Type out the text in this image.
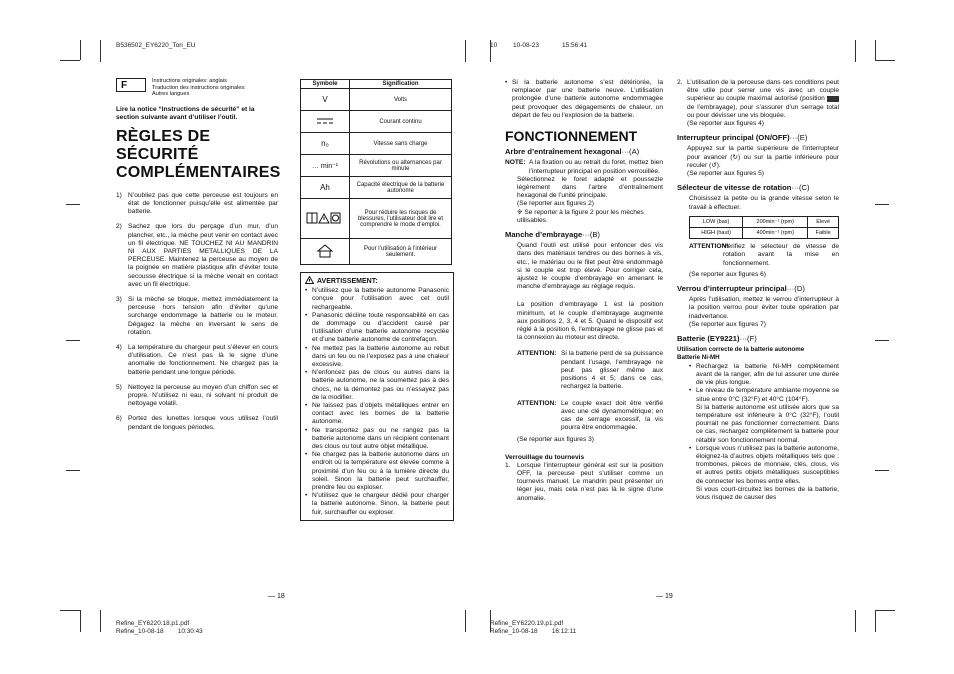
B536502_EY6220_Tori_EU	10 10-08-23	15:56:41
F	Instructions originales: anglais
Traduction des instructions originales:
Autres langues
Lire la notice “Instructions de sécurité” et la section suivante avant d’utiliser l’outil.
RÈGLES DE SÉCURITÉ
COMPLÉMENTAIRES
1) N’oubliez pas que cette perceuse est toujours en état de fonctionner puisqu’elle est alimentée par batterie.
2) Sachez que lors du perçage d’un mur, d’un plancher, etc., la mèche peut venir en contact avec un fil électrique. NE TOUCHEZ NI AU MANDRIN NI AUX PARTIES METALLIQUES DE LA PERCEUSE. Maintenez la perceuse au moyen de la poignée en matière plastique afin d’éviter toute secousse électrique si la mèche venait en contact avec un fil électrique.
3) Si la mèche se bloque, mettez immédiatement la perceuse hors tension afin d’éviter qu’une surcharge endommage la batterie ou le moteur. Dégagez la mèche en inversant le sens de rotation.
4) La température du chargeur peut s’élever en cours d’utilisation. Ce n’est pas là le signe d’une anomalie de fonctionnement. Ne chargez pas la batterie pendant une longue période.
5) Nettoyez la perceuse au moyen d’un chiffon sec et propre. N’utilisez ni eau, ni solvant ni produit de nettoyage volatil.
6) Portez des lunettes lorsque vous utilisez l’outil pendant de longues périodes.
Symbole	Signification
V	Volts
	Courant continu
n₀	Vitesse sans charge
… min⁻¹	Révolutions ou alternances par minute
Ah	Capacité électrique de la batterie autonome
	Pour réduire les risques de blessures, l’utilisateur doit lire et comprendre le mode d’emploi.
	Pour l’utilisation à l’intérieur seulement.
AVERTISSEMENT:
• N’utilisez que la batterie autonome Panasonic conçue pour l’utilisation avec cet outil rechargeable.
• Panasonic décline toute responsabilité en cas de dommage ou d’accident causé par l’utilisation d’une batterie autonome recyclée et d’une batterie autonome de contrefaçon.
• Ne mettez pas la batterie autonome au rebut dans un feu ou ne l’exposez pas à une chaleur excessive.
• N’enfoncez pas de clous ou autres dans la batterie autonome, ne la soumettez pas à des chocs, ne la démontez pas ou n’essayez pas de la modifier.
• Ne laissez pas d’objets métalliques entrer en contact avec les bornes de la batterie autonome.
• Ne transportez pas ou ne rangez pas la batterie autonome dans un récipient contenant des clous ou tout autre objet métallique.
• Ne chargez pas la batterie autonome dans un endroit où la température est élevée comme à proximité d’un feu ou à la lumière directe du soleil. Sinon la batterie peut surchauffer, prendre feu ou exploser.
• N’utilisez que le chargeur dédié pour charger la batterie autonome. Sinon, la batterie peut fuir, surchauffer ou exploser.
— 18
• Si la batterie autonome s’est détériorée, la remplacer par une batterie neuve. L’utilisation prolongée d’une batterie autonome endommagée peut provoquer des dégagements de chaleur, un départ de feu ou l’explosion de la batterie.
FONCTIONNEMENT
Arbre d’entraînement hexagonal···(A)
NOTE: A la fixation ou au retrait du foret, mettez bien l’interrupteur principal en position verrouillée.
Sélectionnez le foret adapté et poussezle légèrement dans l’arbre d’entraînement hexagonal de l’unité principale.
(Se reporter aux figures 2)
※ Se reporter à la figure 2 pour les mèches utilisables.
Manche d’embrayage···(B)
Quand l’outil est utilisé pour enfoncer des vis dans des matériaux tendres ou des bornes à vis, etc., le matériau ou le filet peut être endommagé si le couple est trop élevé. Pour corriger cela, ajustez le couple d’embrayage en amenant le manche d’embrayage au réglage requis.
La position d’embrayage 1 est la position minimum, et le couple d’embrayage augmente aux positions 2, 3, 4 et 5. Quand le dispositif est réglé à la position 6, l’embrayage ne glisse pas et la connexion au moteur est directe.
ATTENTION: Si la batterie perd de sa puissance pendant l’usage, l’embrayage ne peut pas glisser même aux positions 4 et 5; dans ce cas, rechargez la batterie.
ATTENTION: Le couple exact doit être vérifié avec une clé dynamométrique; en cas de serrage excessif, la vis pourra être endommagée.
(Se reporter aux figures 3)
Verrouillage du tournevis
1. Lorsque l’interrupteur général est sur la position OFF, la perceuse peut s’utiliser comme un tournevis manuel. Le mandrin peut présenter un léger jeu, mais cela n’est pas là le signe d’une anomalie.
— 19
2. L’utilisation de la perceuse dans ces conditions peut être utile pour serrer une vis avec un couple supérieur au couple maximal autorisé (position  de l’embrayage), pour s’assurer d’un serrage total ou pour dévisser une vis bloquée.
(Se reporter aux figures 4)
Interrupteur principal (ON/OFF)···(E)
Appuyez sur la partie supérieure de l’interrupteur pour avancer (↻) ou sur la partie inférieure pour reculer (↺).
(Se reporter aux figures 5)
Sélecteur de vitesse de rotation···(C)
Choisissez la petite ou la grande vitesse selon le travail à effectuer.
LOW (bas)	200min⁻¹ (rpm)	Elevé
HIGH (haut)	400min⁻¹ (rpm)	Faible
ATTENTION!
Vérifiez le sélecteur de vitesse de rotation avant la mise en fonctionnement.
(Se reporter aux figures 6)
Verrou d’interrupteur principal···(D)
Après l’utilisation, mettez le verrou d’interrupteur à la position verrou pour éviter toute opération par inadvertance.
(Se reporter aux figures 7)
Batterie (EY9221)···(F)
Utilisation correcte de la batterie autonome
Batterie Ni-MH
• Rechargez la batterie Ni-MH complètement avant de la ranger, afin de lui assurer une durée de vie plus longue.
• Le niveau de température ambiante moyenne se situe entre 0°C (32°F) et 40°C (104°F).
Si la batterie autonome est utilisée alors que sa température est inférieure à 0°C (32°F), l’outil pourrait ne pas fonctionner correctement. Dans ce cas, rechargez complètement la batterie pour rétablir son fonctionnement normal.
• Lorsque vous n’utilisez pas la batterie autonome, éloignez-la d’autres objets métalliques tels que : trombones, pièces de monnaie, clés, clous, vis et autres petits objets métalliques susceptibles de connecter les bornes entre elles.
Si vous court-circuitez les bornes de la batterie, vous risquez de causer des
Refine_EY6220.18.p1.pdf
Refine_10-08-18 10:30:43
Refine_EY6220.19.p1.pdf
Refine_10-08-18 16:12:11
